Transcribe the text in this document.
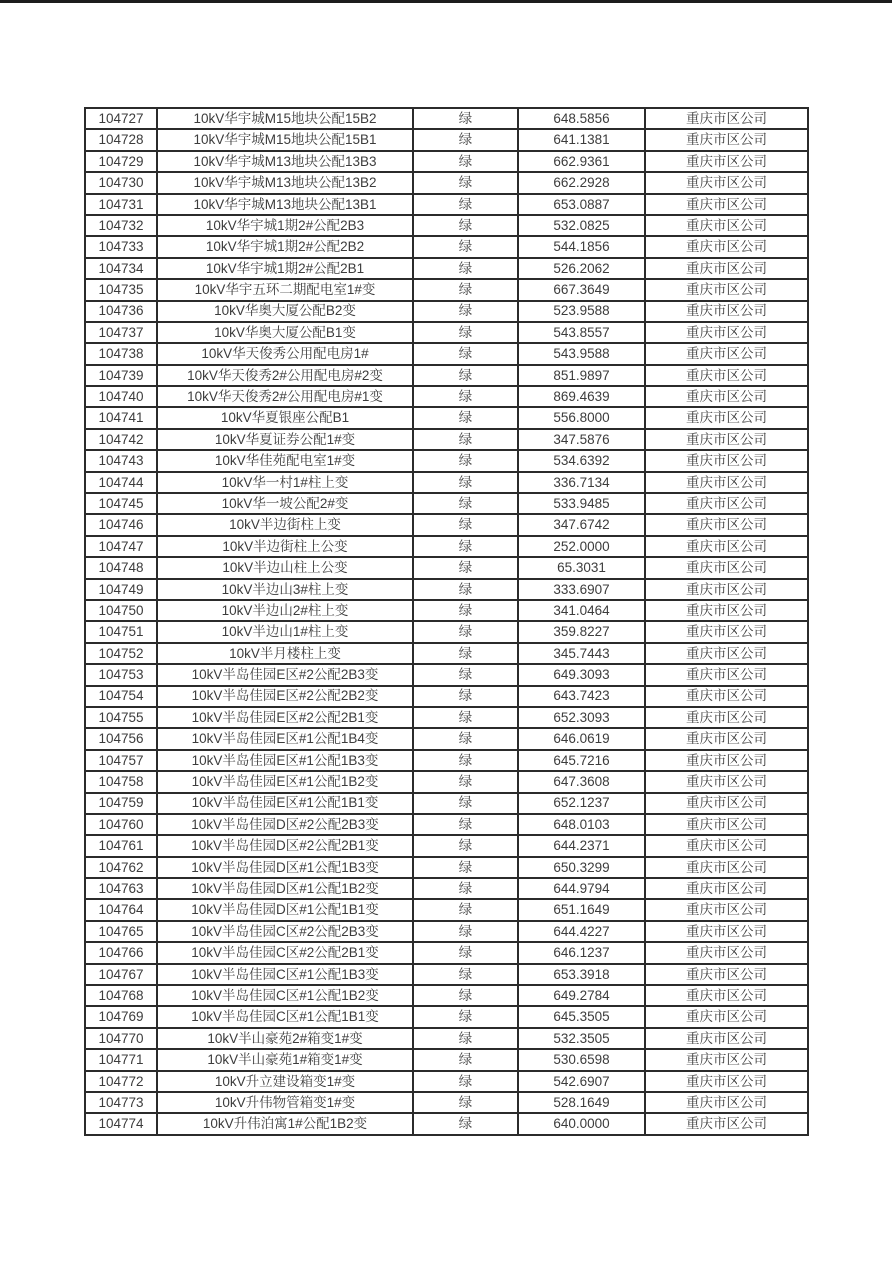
104727	10kV华宇城M15地块公配15B2	绿	648.5856	重庆市区公司
104728	10kV华宇城M15地块公配15B1	绿	641.1381	重庆市区公司
104729	10kV华宇城M13地块公配13B3	绿	662.9361	重庆市区公司
104730	10kV华宇城M13地块公配13B2	绿	662.2928	重庆市区公司
104731	10kV华宇城M13地块公配13B1	绿	653.0887	重庆市区公司
104732	10kV华宇城1期2#公配2B3	绿	532.0825	重庆市区公司
104733	10kV华宇城1期2#公配2B2	绿	544.1856	重庆市区公司
104734	10kV华宇城1期2#公配2B1	绿	526.2062	重庆市区公司
104735	10kV华宇五环二期配电室1#变	绿	667.3649	重庆市区公司
104736	10kV华奥大厦公配B2变	绿	523.9588	重庆市区公司
104737	10kV华奥大厦公配B1变	绿	543.8557	重庆市区公司
104738	10kV华天俊秀公用配电房1#	绿	543.9588	重庆市区公司
104739	10kV华天俊秀2#公用配电房#2变	绿	851.9897	重庆市区公司
104740	10kV华天俊秀2#公用配电房#1变	绿	869.4639	重庆市区公司
104741	10kV华夏银座公配B1	绿	556.8000	重庆市区公司
104742	10kV华夏证券公配1#变	绿	347.5876	重庆市区公司
104743	10kV华佳苑配电室1#变	绿	534.6392	重庆市区公司
104744	10kV华一村1#柱上变	绿	336.7134	重庆市区公司
104745	10kV华一坡公配2#变	绿	533.9485	重庆市区公司
104746	10kV半边街柱上变	绿	347.6742	重庆市区公司
104747	10kV半边街柱上公变	绿	252.0000	重庆市区公司
104748	10kV半边山柱上公变	绿	65.3031	重庆市区公司
104749	10kV半边山3#柱上变	绿	333.6907	重庆市区公司
104750	10kV半边山2#柱上变	绿	341.0464	重庆市区公司
104751	10kV半边山1#柱上变	绿	359.8227	重庆市区公司
104752	10kV半月楼柱上变	绿	345.7443	重庆市区公司
104753	10kV半岛佳园E区#2公配2B3变	绿	649.3093	重庆市区公司
104754	10kV半岛佳园E区#2公配2B2变	绿	643.7423	重庆市区公司
104755	10kV半岛佳园E区#2公配2B1变	绿	652.3093	重庆市区公司
104756	10kV半岛佳园E区#1公配1B4变	绿	646.0619	重庆市区公司
104757	10kV半岛佳园E区#1公配1B3变	绿	645.7216	重庆市区公司
104758	10kV半岛佳园E区#1公配1B2变	绿	647.3608	重庆市区公司
104759	10kV半岛佳园E区#1公配1B1变	绿	652.1237	重庆市区公司
104760	10kV半岛佳园D区#2公配2B3变	绿	648.0103	重庆市区公司
104761	10kV半岛佳园D区#2公配2B1变	绿	644.2371	重庆市区公司
104762	10kV半岛佳园D区#1公配1B3变	绿	650.3299	重庆市区公司
104763	10kV半岛佳园D区#1公配1B2变	绿	644.9794	重庆市区公司
104764	10kV半岛佳园D区#1公配1B1变	绿	651.1649	重庆市区公司
104765	10kV半岛佳园C区#2公配2B3变	绿	644.4227	重庆市区公司
104766	10kV半岛佳园C区#2公配2B1变	绿	646.1237	重庆市区公司
104767	10kV半岛佳园C区#1公配1B3变	绿	653.3918	重庆市区公司
104768	10kV半岛佳园C区#1公配1B2变	绿	649.2784	重庆市区公司
104769	10kV半岛佳园C区#1公配1B1变	绿	645.3505	重庆市区公司
104770	10kV半山豪苑2#箱变1#变	绿	532.3505	重庆市区公司
104771	10kV半山豪苑1#箱变1#变	绿	530.6598	重庆市区公司
104772	10kV升立建设箱变1#变	绿	542.6907	重庆市区公司
104773	10kV升伟物管箱变1#变	绿	528.1649	重庆市区公司
104774	10kV升伟泊寓1#公配1B2变	绿	640.0000	重庆市区公司
